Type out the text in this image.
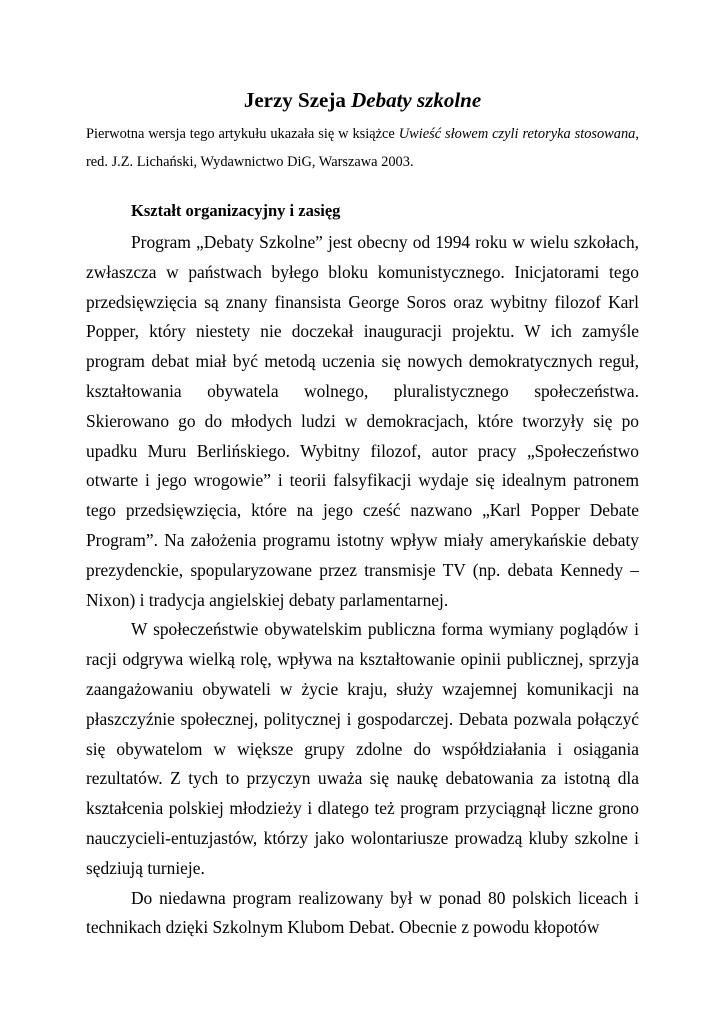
Jerzy Szeja Debaty szkolne
Pierwotna wersja tego artykułu ukazała się w książce Uwieść słowem czyli retoryka stosowana, red. J.Z. Lichański, Wydawnictwo DiG, Warszawa 2003.
Kształt organizacyjny i zasięg

Program „Debaty Szkolne” jest obecny od 1994 roku w wielu szkołach, zwłaszcza w państwach byłego bloku komunistycznego. Inicjatorami tego przedsięwzięcia są znany finansista George Soros oraz wybitny filozof Karl Popper, który niestety nie doczekał inauguracji projektu. W ich zamyśle program debat miał być metodą uczenia się nowych demokratycznych reguł, kształtowania obywatela wolnego, pluralistycznego społeczeństwa. Skierowano go do młodych ludzi w demokracjach, które tworzyły się po upadku Muru Berlińskiego. Wybitny filozof, autor pracy „Społeczeństwo otwarte i jego wrogowie” i teorii falsyfikacji wydaje się idealnym patronem tego przedsięwzięcia, które na jego cześć nazwano „Karl Popper Debate Program”. Na założenia programu istotny wpływ miały amerykańskie debaty prezydenckie, spopularyzowane przez transmisje TV (np. debata Kennedy – Nixon) i tradycja angielskiej debaty parlamentarnej.

W społeczeństwie obywatelskim publiczna forma wymiany poglądów i racji odgrywa wielką rolę, wpływa na kształtowanie opinii publicznej, sprzyja zaangażowaniu obywateli w życie kraju, służy wzajemnej komunikacji na płaszczyźnie społecznej, politycznej i gospodarczej. Debata pozwala połączyć się obywatelom w większe grupy zdolne do współdziałania i osiągania rezultatów. Z tych to przyczyn uważa się naukę debatowania za istotną dla kształcenia polskiej młodzieży i dlatego też program przyciągnął liczne grono nauczycieli-entuzjastów, którzy jako wolontariusze prowadzą kluby szkolne i sędziują turnieje.

Do niedawna program realizowany był w ponad 80 polskich liceach i technikach dzięki Szkolnym Klubom Debat. Obecnie z powodu kłopotów
